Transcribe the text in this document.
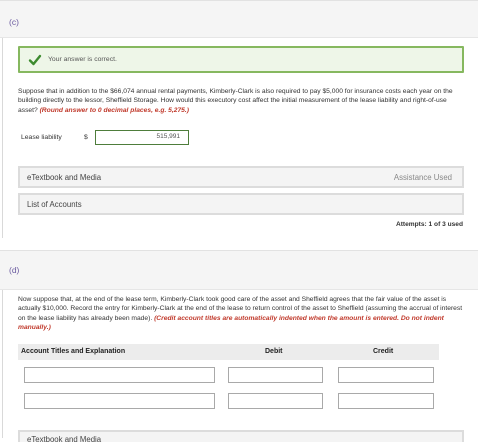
(c)
Your answer is correct.
Suppose that in addition to the $66,074 annual rental payments, Kimberly-Clark is also required to pay $5,000 for insurance costs each year on the building directly to the lessor, Sheffield Storage. How would this executory cost affect the initial measurement of the lease liability and right-of-use asset? (Round answer to 0 decimal places, e.g. 5,275.)
Lease liability	$	515,991
eTextbook and Media	Assistance Used
List of Accounts
Attempts: 1 of 3 used
(d)
Now suppose that, at the end of the lease term, Kimberly-Clark took good care of the asset and Sheffield agrees that the fair value of the asset is actually $10,000. Record the entry for Kimberly-Clark at the end of the lease to return control of the asset to Sheffield (assuming the accrual of interest on the lease liability has already been made). (Credit account titles are automatically indented when the amount is entered. Do not indent manually.)
Account Titles and Explanation	Debit	Credit
eTextbook and Media
